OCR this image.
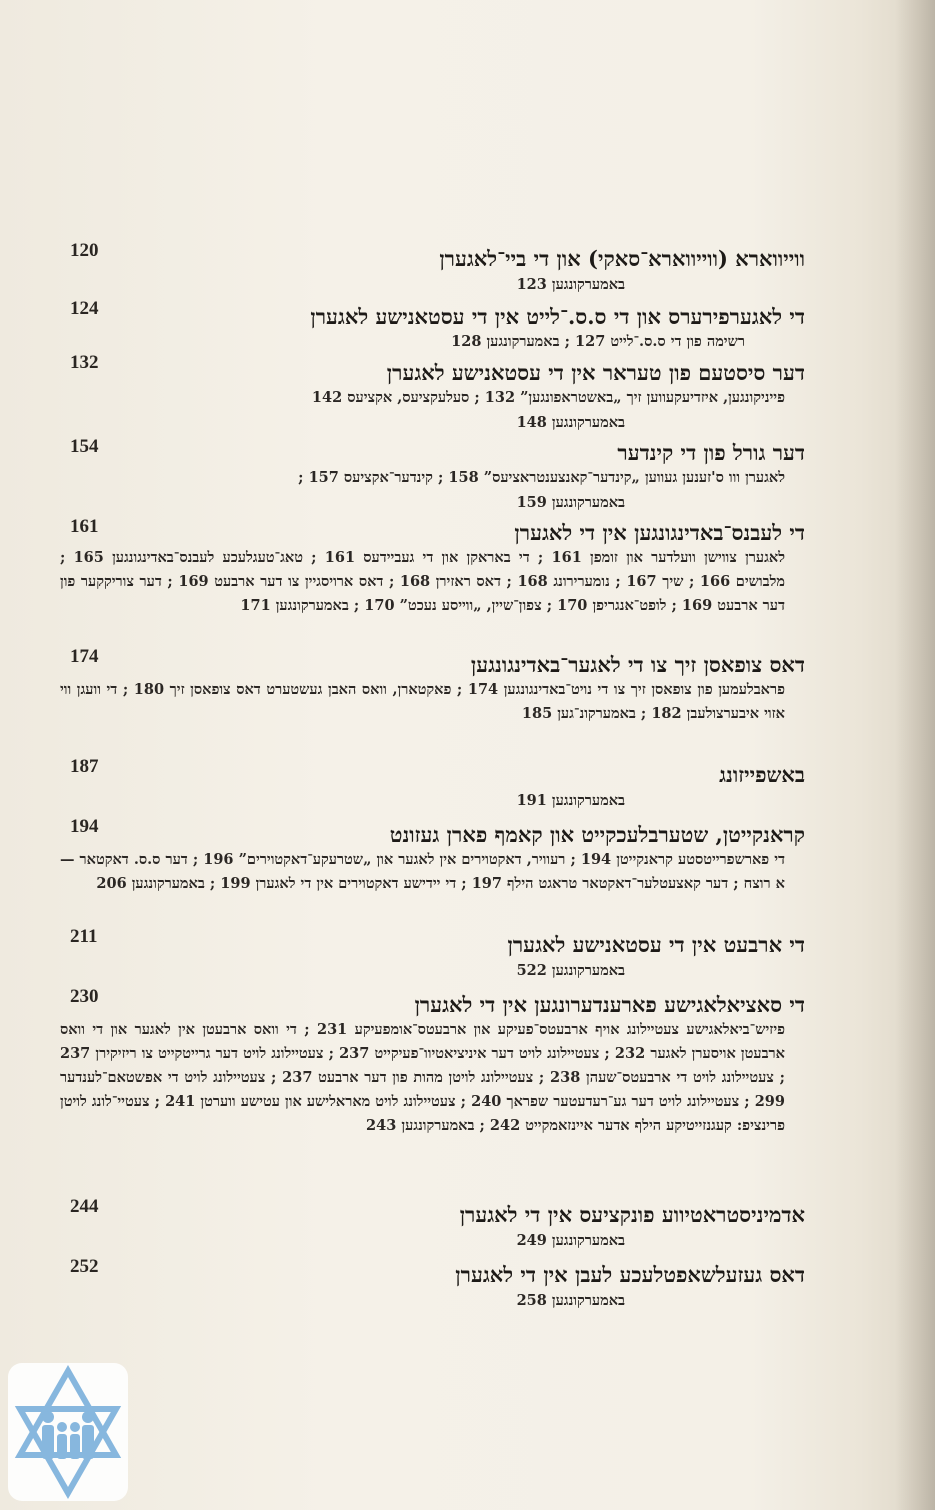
120	ווייווארא (ווייווארא־סאקי) און די ביי־לאגערן
באמערקונגען 123
124	די לאגערפירערס און די ס.ס.־לייט אין די עסטאנישע לאגערן
רשימה פון די ס.ס.־לייט 127 ; באמערקונגען 128
132	דער סיסטעם פון טעראר אין די עסטאנישע לאגערן
פייניקונגען, איזדיעקעווען זיך „באשטראפונגען” 132 ; סעלעקציעס, אקציעס 142
באמערקונגען 148
154	דער גורל פון די קינדער
לאגערן ווו ס'זענען געווען „קינדער־קאנצענטראציעס” 158 ; קינדער־אקציעס 157 ;
באמערקונגען 159
161	די לעבנס־באדינגונגען אין די לאגערן
לאגערן צווישן וועלדער און זומפן 161 ; די באראקן און די געביידעס 161 ; טאג־טעגלעכע לעבנס־באדינגונגען 165 ; מלבושים 166 ; שיך 167 ; נומערירונג 168 ; דאס ראזירן 168 ; דאס ארויסגיין צו דער ארבעט 169 ; דער צוריקקער פון דער ארבעט 169 ; לופט־אנגריפן 170 ; צפון־שיין, „ווייסע נעכט” 170 ; באמערקונגען 171
174	דאס צופאסן זיך צו די לאגער־באדינגונגען
פראבלעמען פון צופאסן זיך צו די נויט־באדינגונגען 174 ; פאקטארן, וואס האבן געשטערט דאס צופאסן זיך 180 ; די וועגן ווי אזוי איבערצולעבן 182 ; באמערקונ־גען 185
187	באשפייזונג
באמערקונגען 191
194	קראנקייטן, שטערבלעכקייט און קאמף פארן געזונט
די פארשפרייטסטע קראנקייטן 194 ; רעוויר, דאקטוירים אין לאגער און „שטרעקע־דאקטוירים” 196 ; דער ס.ס. דאקטאר — א רוצח ; דער קאצעטלער־דאקטאר טראגט הילף 197 ; די יידישע דאקטוירים אין די לאגערן 199 ; באמערקונגען 206
211	די ארבעט אין די עסטאנישע לאגערן
באמערקונגען 522
230	די סאציאלאגישע פארענדערונגען אין די לאגערן
פיזיש־ביאלאגישע צעטיילונג אויף ארבעטס־פעיקע און ארבעטס־אומפעיקע 231 ; די וואס ארבעטן אין לאגער און די וואס ארבעטן אויסערן לאגער 232 ; צעטיילונג לויט דער איניציאטיוו־פעיקייט 237 ; צעטיילונג לויט דער גרייטקייט צו ריזיקירן 237 ; צעטיילונג לויט די ארבעטס־שעהן 238 ; צעטיילונג לויטן מהות פון דער ארבעט 237 ; צעטיילונג לויט די אפשטאם־לענדער 299 ; צעטיילונג לויט דער גע־רעדעטער שפראך 240 ; צעטיילונג לויט מאראלישע און עטישע ווערטן 241 ; צעטיי־לונג לויטן פרינציפ: קעגנזייטיקע הילף אדער איינזאמקייט 242 ; באמערקונגען 243
244	אדמיניסטראטיווע פונקציעס אין די לאגערן
באמערקונגען 249
252	דאס געזעלשאפטלעכע לעבן אין די לאגערן
באמערקונגען 258
